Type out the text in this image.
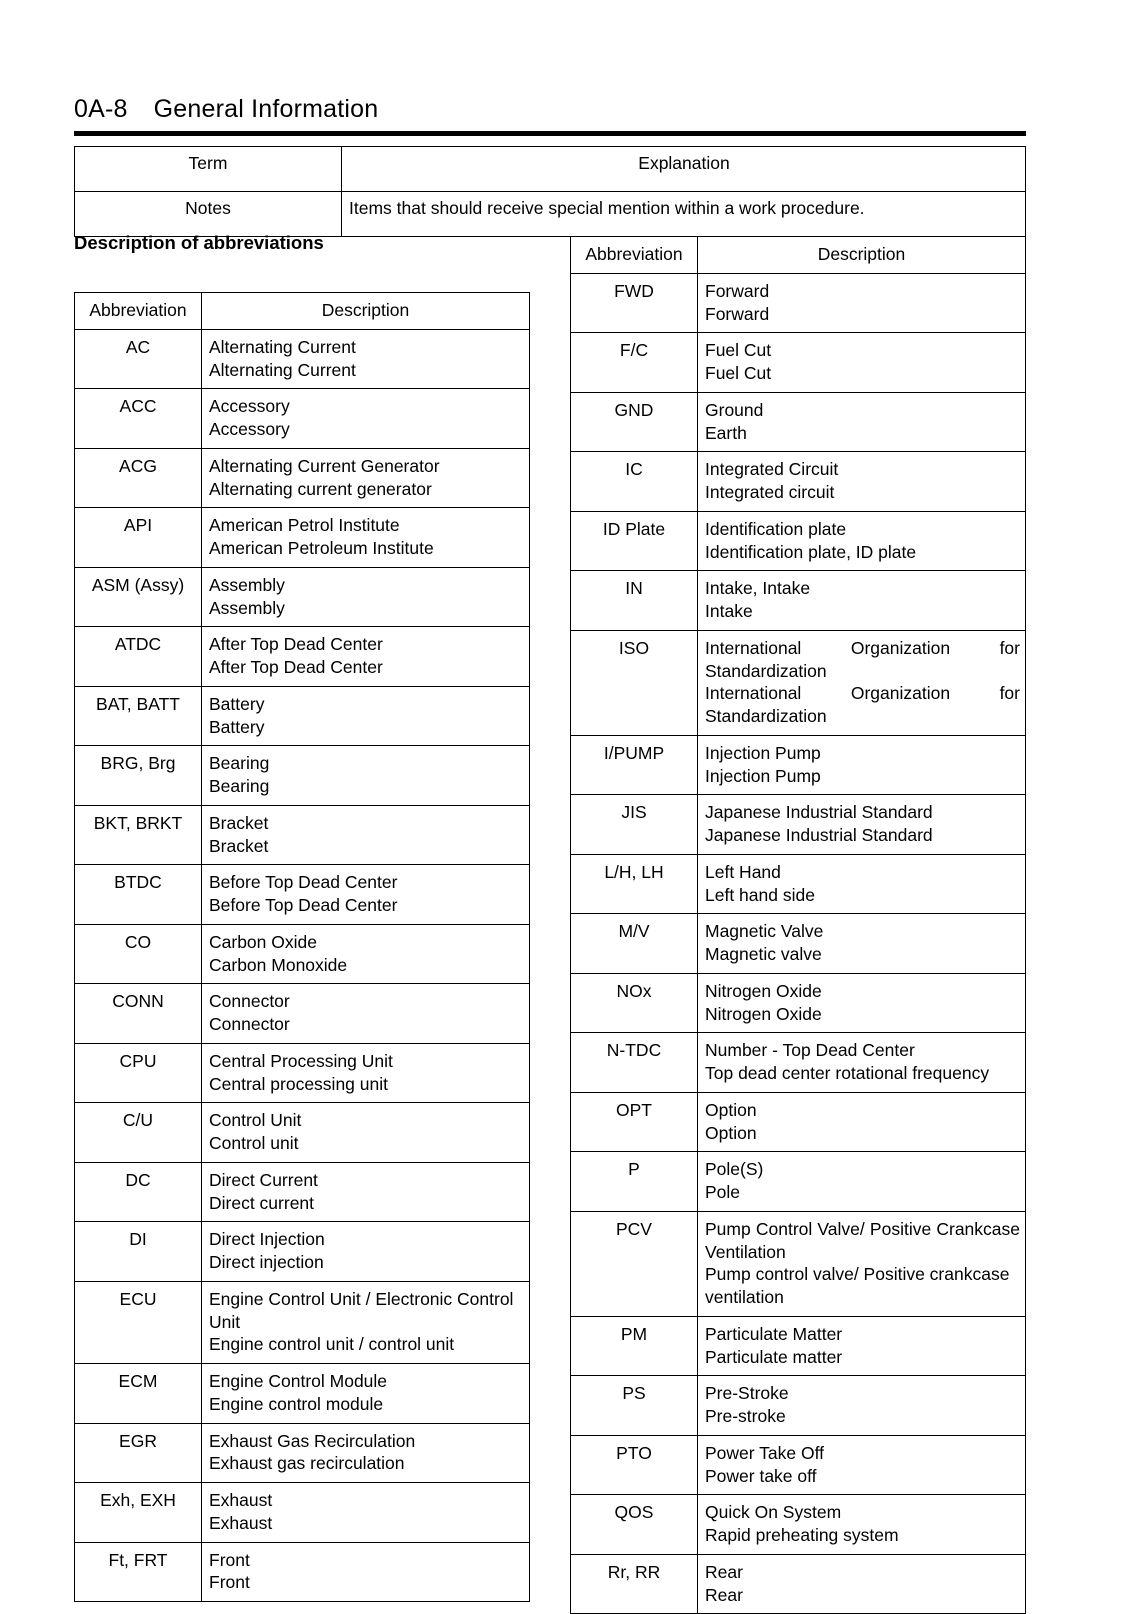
0A-8 General Information
Term	Explanation
Notes	Items that should receive special mention within a work procedure.
Description of abbreviations
Abbreviation	Description
AC	Alternating Current
Alternating Current

ACC	Accessory
Accessory

ACG	Alternating Current Generator
Alternating current generator

API	American Petrol Institute
American Petroleum Institute

ASM (Assy)	Assembly
Assembly

ATDC	After Top Dead Center
After Top Dead Center

BAT, BATT	Battery
Battery

BRG, Brg	Bearing
Bearing

BKT, BRKT	Bracket
Bracket

BTDC	Before Top Dead Center
Before Top Dead Center

CO	Carbon Oxide
Carbon Monoxide

CONN	Connector
Connector

CPU	Central Processing Unit
Central processing unit

C/U	Control Unit
Control unit

DC	Direct Current
Direct current

DI	Direct Injection
Direct injection

ECU	Engine Control Unit / Electronic Control Unit
Engine control unit / control unit

ECM	Engine Control Module
Engine control module

EGR	Exhaust Gas Recirculation
Exhaust gas recirculation

Exh, EXH	Exhaust
Exhaust

Ft, FRT	Front
Front
Abbreviation	Description
FWD	Forward
Forward

F/C	Fuel Cut
Fuel Cut

GND	Ground
Earth

IC	Integrated Circuit
Integrated circuit

ID Plate	Identification plate
Identification plate, ID plate

IN	Intake, Intake
Intake

ISO	International Organization for Standardization
International Organization for Standardization

I/PUMP	Injection Pump
Injection Pump

JIS	Japanese Industrial Standard
Japanese Industrial Standard

L/H, LH	Left Hand
Left hand side

M/V	Magnetic Valve
Magnetic valve

NOx	Nitrogen Oxide
Nitrogen Oxide

N-TDC	Number - Top Dead Center
Top dead center rotational frequency

OPT	Option
Option

P	Pole(S)
Pole

PCV	Pump Control Valve/ Positive Crankcase Ventilation
Pump control valve/ Positive crankcase ventilation

PM	Particulate Matter
Particulate matter

PS	Pre-Stroke
Pre-stroke

PTO	Power Take Off
Power take off

QOS	Quick On System
Rapid preheating system

Rr, RR	Rear
Rear
